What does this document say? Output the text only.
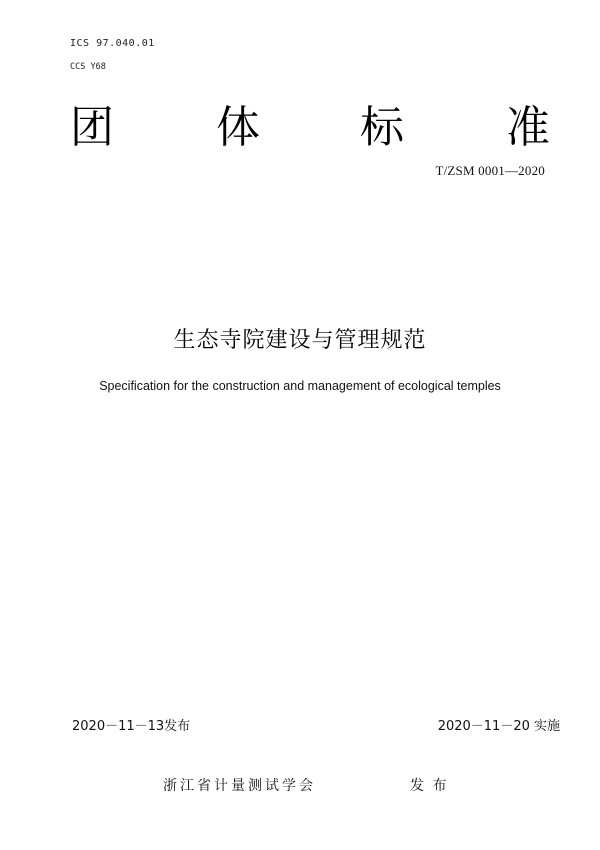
ICS 97.040.01
CCS Y68
团 体 标 准
T/ZSM 0001—2020
生态寺院建设与管理规范
Specification for the construction and management of ecological temples
2020－11－13发布	2020－11－20 实施
浙江省计量测试学会	发 布
